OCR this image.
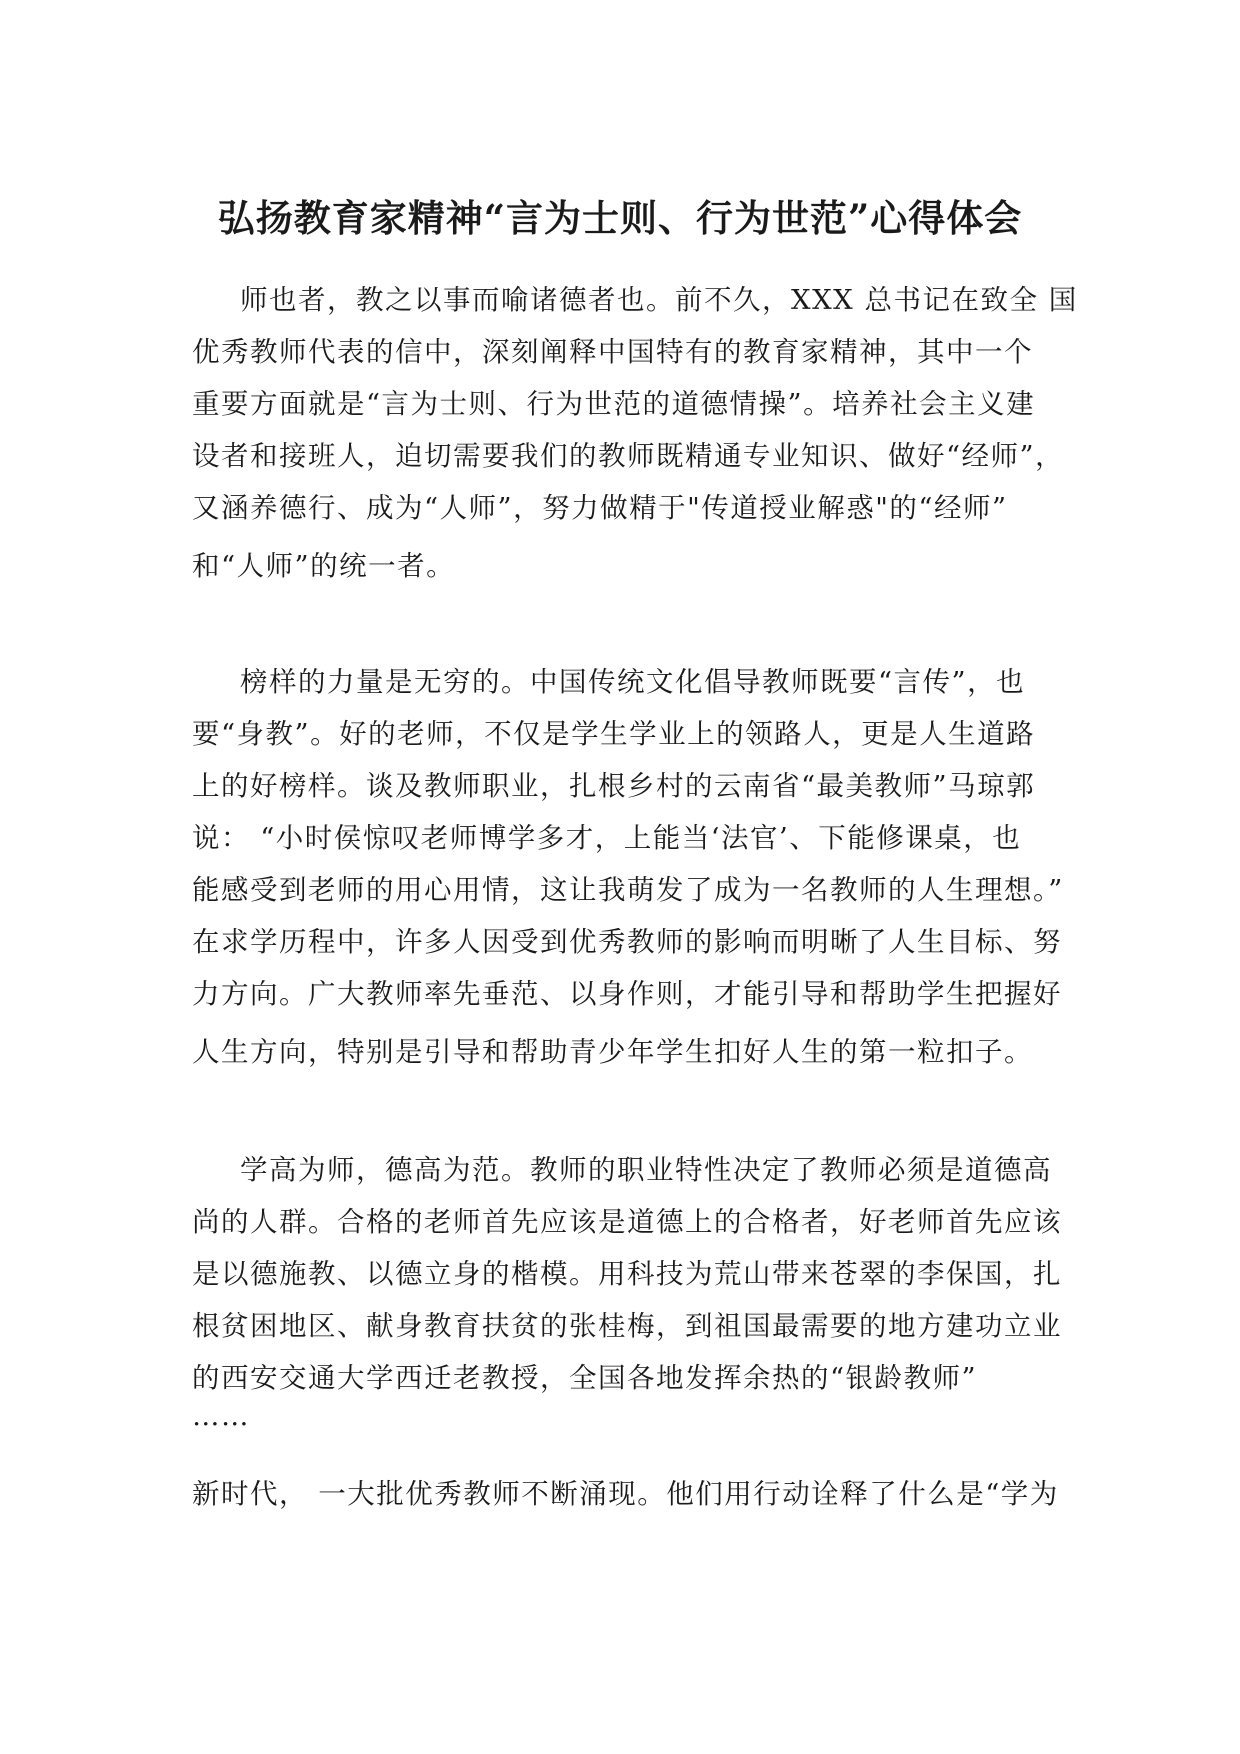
弘扬教育家精神“言为士则、行为世范”心得体会
师也者，教之以事而喻诸德者也。前不久，XXX 总书记在致全 国
优秀教师代表的信中，深刻阐释中国特有的教育家精神，其中一个
重要方面就是“言为士则、行为世范的道德情操”。培养社会主义建
设者和接班人，迫切需要我们的教师既精通专业知识、做好“经师”，
又涵养德行、成为“人师”，努力做精于"传道授业解惑"的“经师”
和“人师”的统一者。
榜样的力量是无穷的。中国传统文化倡导教师既要“言传”，也
要“身教”。好的老师，不仅是学生学业上的领路人，更是人生道路
上的好榜样。谈及教师职业，扎根乡村的云南省“最美教师”马琼郭
说： “小时侯惊叹老师博学多才，上能当‘法官’、下能修课桌，也
能感受到老师的用心用情，这让我萌发了成为一名教师的人生理想。”
在求学历程中，许多人因受到优秀教师的影响而明晰了人生目标、努
力方向。广大教师率先垂范、以身作则，才能引导和帮助学生把握好
人生方向，特别是引导和帮助青少年学生扣好人生的第一粒扣子。
学高为师，德高为范。教师的职业特性决定了教师必须是道德高
尚的人群。合格的老师首先应该是道德上的合格者，好老师首先应该
是以德施教、以德立身的楷模。用科技为荒山带来苍翠的李保国，扎
根贫困地区、献身教育扶贫的张桂梅，到祖国最需要的地方建功立业
的西安交通大学西迁老教授，全国各地发挥余热的“银龄教师”
……
新时代， 一大批优秀教师不断涌现。他们用行动诠释了什么是“学为
